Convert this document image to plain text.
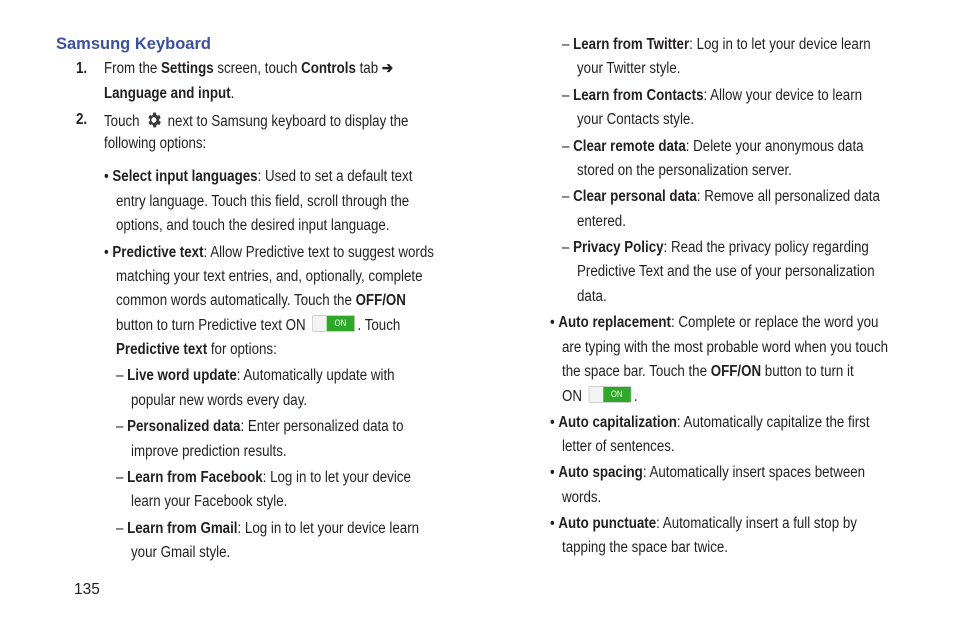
Samsung Keyboard
1. From the Settings screen, touch Controls tab ➔
Language and input.
2. Touch next to Samsung keyboard to display the
following options:
• Select input languages: Used to set a default text
entry language. Touch this field, scroll through the
options, and touch the desired input language.
• Predictive text: Allow Predictive text to suggest words
matching your text entries, and, optionally, complete
common words automatically. Touch the OFF/ON
button to turn Predictive text ON	ON . Touch
Predictive text for options:
– Live word update: Automatically update with
popular new words every day.
– Personalized data: Enter personalized data to
improve prediction results.
– Learn from Facebook: Log in to let your device
learn your Facebook style.
– Learn from Gmail: Log in to let your device learn
your Gmail style.
– Learn from Twitter: Log in to let your device learn
your Twitter style.
– Learn from Contacts: Allow your device to learn
your Contacts style.
– Clear remote data: Delete your anonymous data
stored on the personalization server.
– Clear personal data: Remove all personalized data
entered.
– Privacy Policy: Read the privacy policy regarding
Predictive Text and the use of your personalization
data.
• Auto replacement: Complete or replace the word you
are typing with the most probable word when you touch
the space bar. Touch the OFF/ON button to turn it
ON	ON .
• Auto capitalization: Automatically capitalize the first
letter of sentences.
• Auto spacing: Automatically insert spaces between
words.
• Auto punctuate: Automatically insert a full stop by
tapping the space bar twice.
135
